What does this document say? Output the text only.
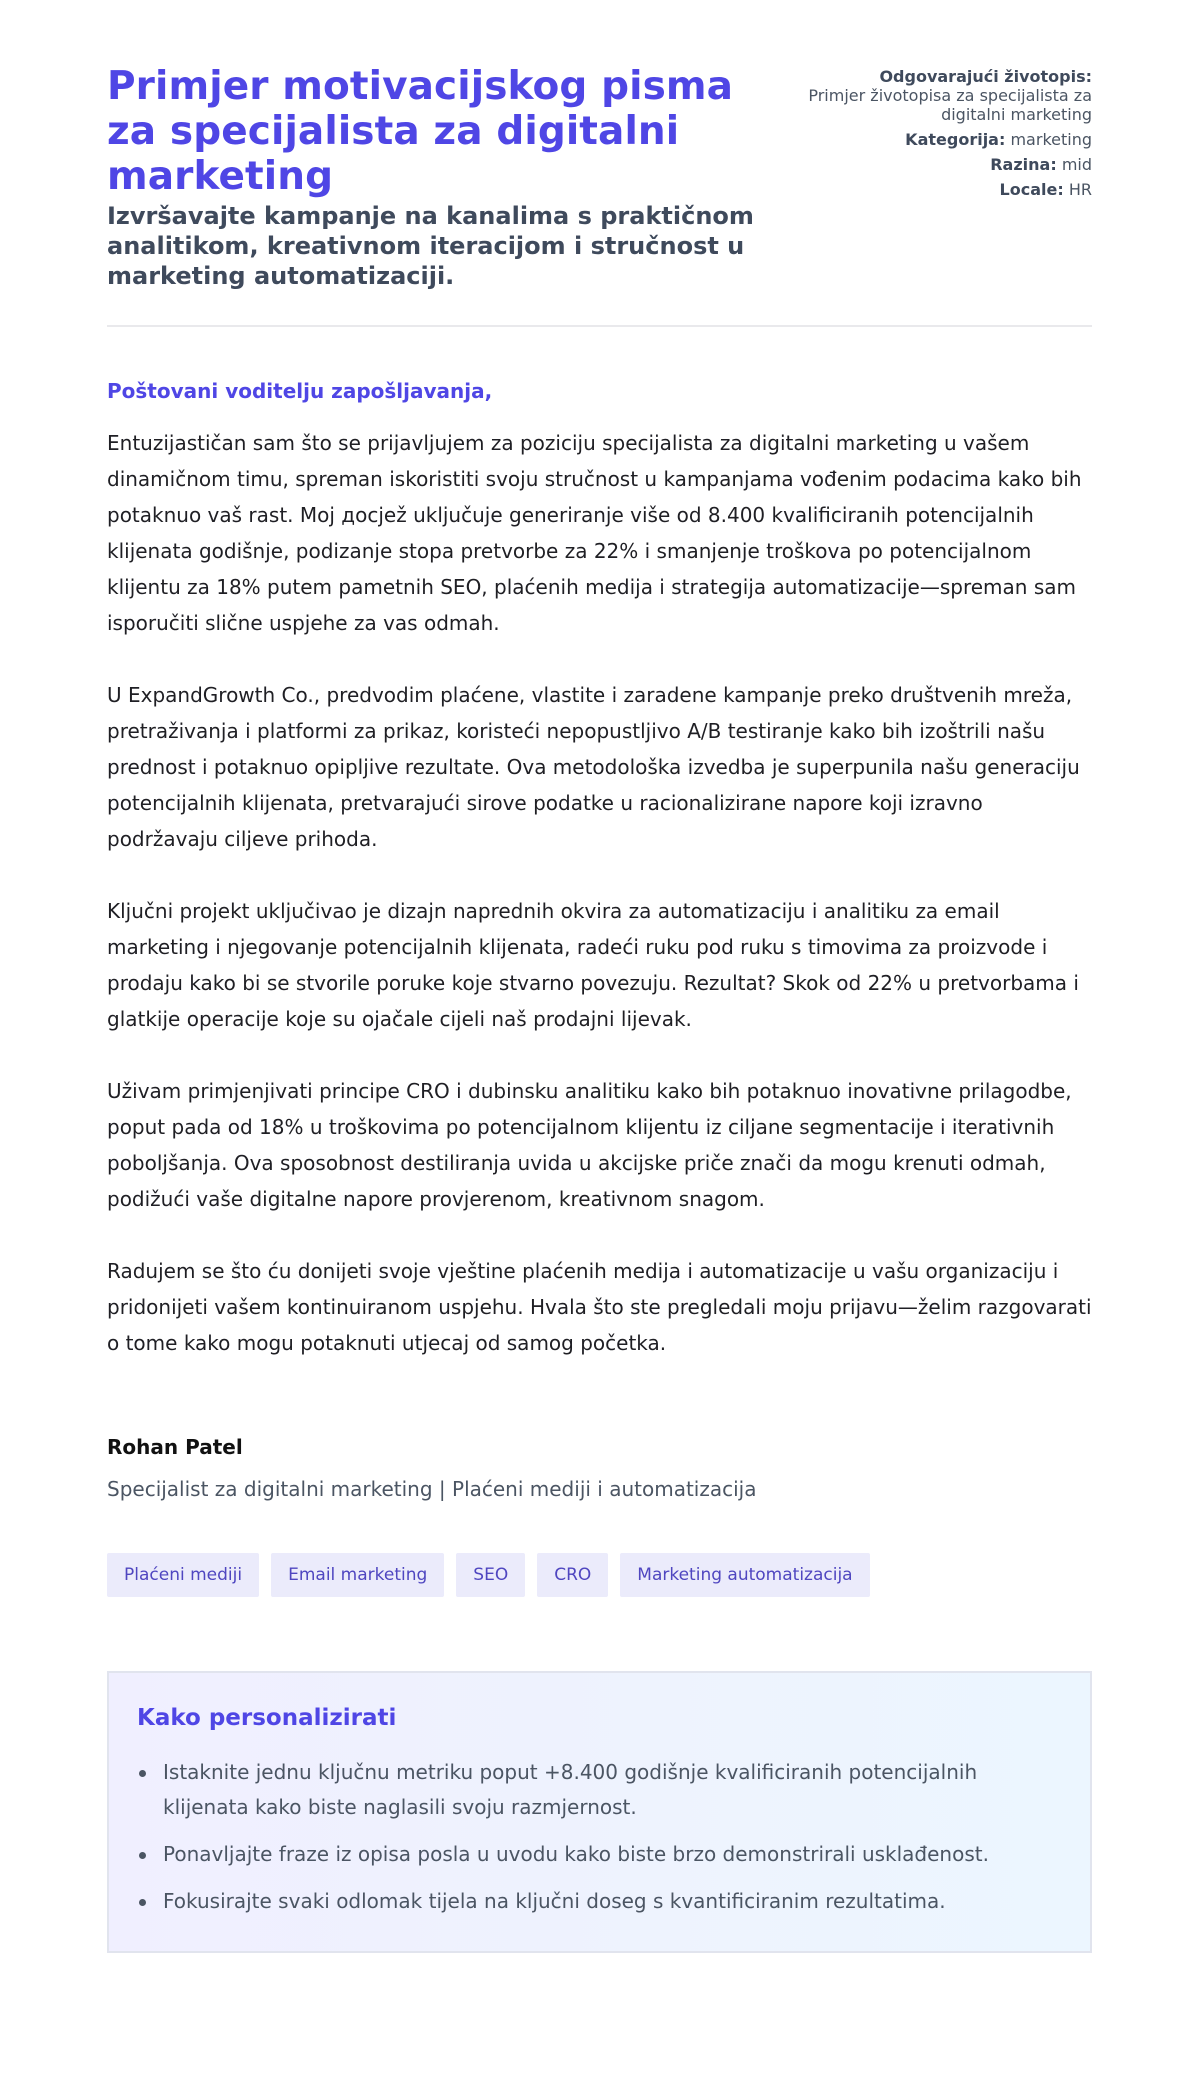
Primjer motivacijskog pisma za specijalista za digitalni marketing
Izvršavajte kampanje na kanalima s praktičnom analitikom, kreativnom iteracijom i stručnost u marketing automatizaciji.
Odgovarajući životopis:
Primjer životopisa za specijalista za digitalni marketing
Kategorija: marketing
Razina: mid
Locale: HR

Poštovani voditelju zapošljavanja,

Entuzijastičan sam što se prijavljujem za poziciju specijalista za digitalni marketing u vašem dinamičnom timu, spreman iskoristiti svoju stručnost u kampanjama vođenim podacima kako bih potaknuo vaš rast. Moj досјеž uključuje generiranje više od 8.400 kvalificiranih potencijalnih klijenata godišnje, podizanje stopa pretvorbe za 22% i smanjenje troškova po potencijalnom klijentu za 18% putem pametnih SEO, plaćenih medija i strategija automatizacije—spreman sam isporučiti slične uspjehe za vas odmah.

U ExpandGrowth Co., predvodim plaćene, vlastite i zaradene kampanje preko društvenih mreža, pretraživanja i platformi za prikaz, koristeći nepopustljivo A/B testiranje kako bih izoštrili našu prednost i potaknuo opipljive rezultate. Ova metodološka izvedba je superpunila našu generaciju potencijalnih klijenata, pretvarajući sirove podatke u racionalizirane napore koji izravno podržavaju ciljeve prihoda.

Ključni projekt uključivao je dizajn naprednih okvira za automatizaciju i analitiku za email marketing i njegovanje potencijalnih klijenata, radeći ruku pod ruku s timovima za proizvode i prodaju kako bi se stvorile poruke koje stvarno povezuju. Rezultat? Skok od 22% u pretvorbama i glatkije operacije koje su ojačale cijeli naš prodajni lijevak.

Uživam primjenjivati principe CRO i dubinsku analitiku kako bih potaknuo inovativne prilagodbe, poput pada od 18% u troškovima po potencijalnom klijentu iz ciljane segmentacije i iterativnih poboljšanja. Ova sposobnost destiliranja uvida u akcijske priče znači da mogu krenuti odmah, podižući vaše digitalne napore provjerenom, kreativnom snagom.

Radujem se što ću donijeti svoje vještine plaćenih medija i automatizacije u vašu organizaciju i pridonijeti vašem kontinuiranom uspjehu. Hvala što ste pregledali moju prijavu—želim razgovarati o tome kako mogu potaknuti utjecaj od samog početka.

Rohan Patel
Specijalist za digitalni marketing | Plaćeni mediji i automatizacija
Plaćeni mediji	Email marketing	SEO	CRO	Marketing automatizacija
Kako personalizirati
Istaknite jednu ključnu metriku poput +8.400 godišnje kvalificiranih potencijalnih klijenata kako biste naglasili svoju razmjernost.
Ponavljajte fraze iz opisa posla u uvodu kako biste brzo demonstrirali usklađenost.
Fokusirajte svaki odlomak tijela na ključni doseg s kvantificiranim rezultatima.
